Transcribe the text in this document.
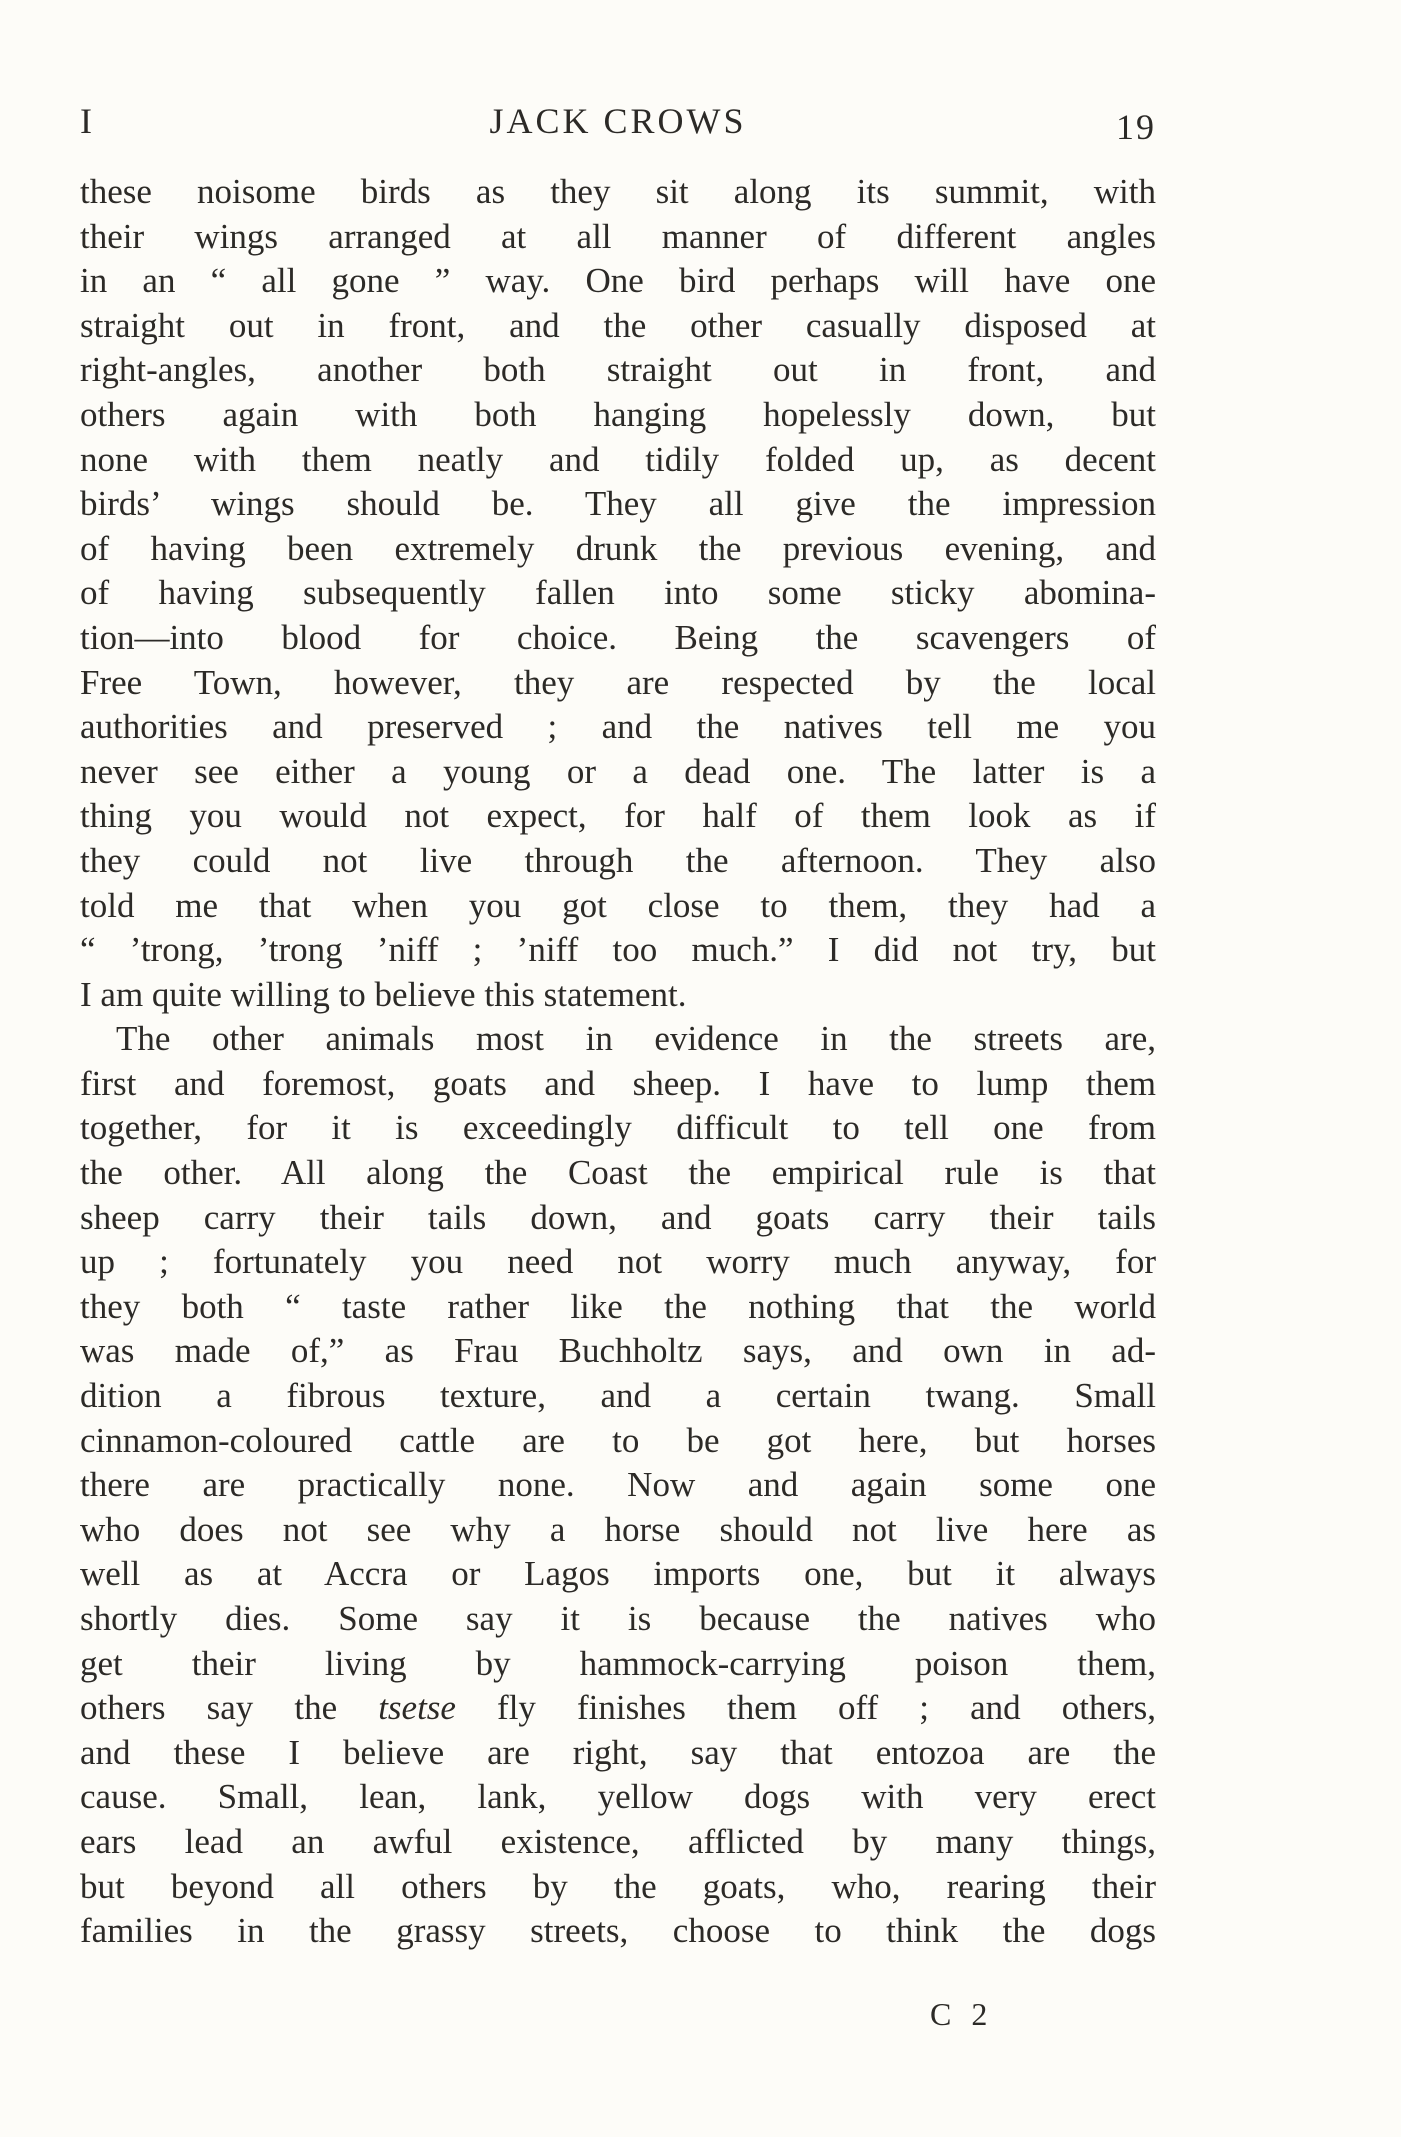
I	JACK CROWS	19
these noisome birds as they sit along its summit, with
their wings arranged at all manner of different angles
in an “ all gone ” way. One bird perhaps will have one
straight out in front, and the other casually disposed at
right-angles, another both straight out in front, and
others again with both hanging hopelessly down, but
none with them neatly and tidily folded up, as decent
birds’ wings should be. They all give the impression
of having been extremely drunk the previous evening, and
of having subsequently fallen into some sticky abomina-
tion—into blood for choice. Being the scavengers of
Free Town, however, they are respected by the local
authorities and preserved ; and the natives tell me you
never see either a young or a dead one. The latter is a
thing you would not expect, for half of them look as if
they could not live through the afternoon. They also
told me that when you got close to them, they had a
“ ’trong, ’trong ’niff ; ’niff too much.” I did not try, but
I am quite willing to believe this statement.
The other animals most in evidence in the streets are,
first and foremost, goats and sheep. I have to lump them
together, for it is exceedingly difficult to tell one from
the other. All along the Coast the empirical rule is that
sheep carry their tails down, and goats carry their tails
up ; fortunately you need not worry much anyway, for
they both “ taste rather like the nothing that the world
was made of,” as Frau Buchholtz says, and own in ad-
dition a fibrous texture, and a certain twang. Small
cinnamon-coloured cattle are to be got here, but horses
there are practically none. Now and again some one
who does not see why a horse should not live here as
well as at Accra or Lagos imports one, but it always
shortly dies. Some say it is because the natives who
get their living by hammock-carrying poison them,
others say the tsetse fly finishes them off ; and others,
and these I believe are right, say that entozoa are the
cause. Small, lean, lank, yellow dogs with very erect
ears lead an awful existence, afflicted by many things,
but beyond all others by the goats, who, rearing their
families in the grassy streets, choose to think the dogs
C 2
